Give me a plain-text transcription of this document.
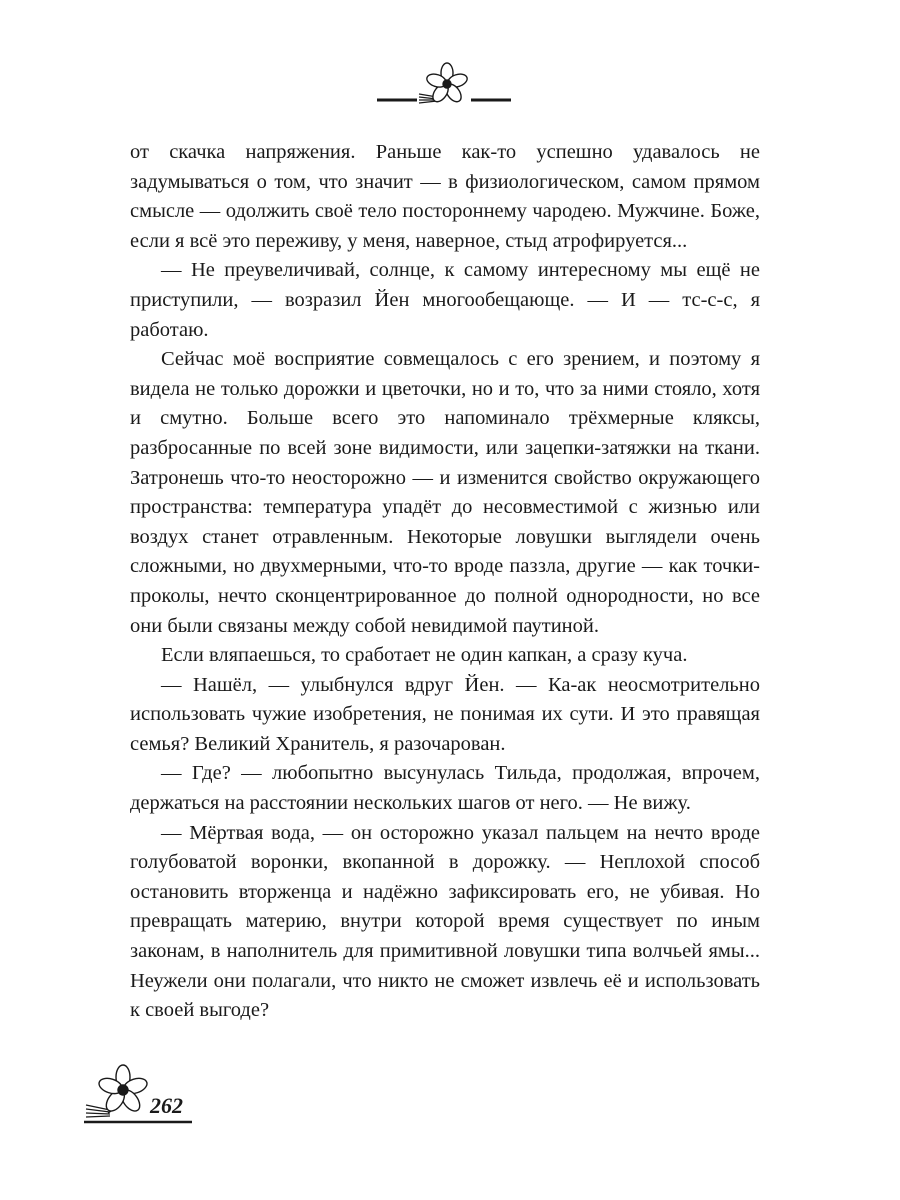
от скачка напряжения. Раньше как-то успешно удавалось не задумываться о том, что значит — в физиологическом, самом прямом смысле — одолжить своё тело постороннему чародею. Мужчине. Боже, если я всё это переживу, у меня, наверное, стыд атрофируется...

— Не преувеличивай, солнце, к самому интересному мы ещё не приступили, — возразил Йен многообещающе. — И — тс-с-с, я работаю.

Сейчас моё восприятие совмещалось с его зрением, и поэтому я видела не только дорожки и цветочки, но и то, что за ними стояло, хотя и смутно. Больше всего это напоминало трёхмерные кляксы, разбросанные по всей зоне видимости, или зацепки-затяжки на ткани. Затронешь что-то неосторожно — и изменится свойство окружающего пространства: температура упадёт до несовместимой с жизнью или воздух станет отравленным. Некоторые ловушки выглядели очень сложными, но двухмерными, что-то вроде паззла, другие — как точки-проколы, нечто сконцентрированное до полной однородности, но все они были связаны между собой невидимой паутиной.

Если вляпаешься, то сработает не один капкан, а сразу куча.

— Нашёл, — улыбнулся вдруг Йен. — Ка-ак неосмотрительно использовать чужие изобретения, не понимая их сути. И это правящая семья? Великий Хранитель, я разочарован.

— Где? — любопытно высунулась Тильда, продолжая, впрочем, держаться на расстоянии нескольких шагов от него. — Не вижу.

— Мёртвая вода, — он осторожно указал пальцем на нечто вроде голубоватой воронки, вкопанной в дорожку. — Неплохой способ остановить вторженца и надёжно зафиксировать его, не убивая. Но превращать материю, внутри которой время существует по иным законам, в наполнитель для примитивной ловушки типа волчьей ямы... Неужели они полагали, что никто не сможет извлечь её и использовать к своей выгоде?

262
